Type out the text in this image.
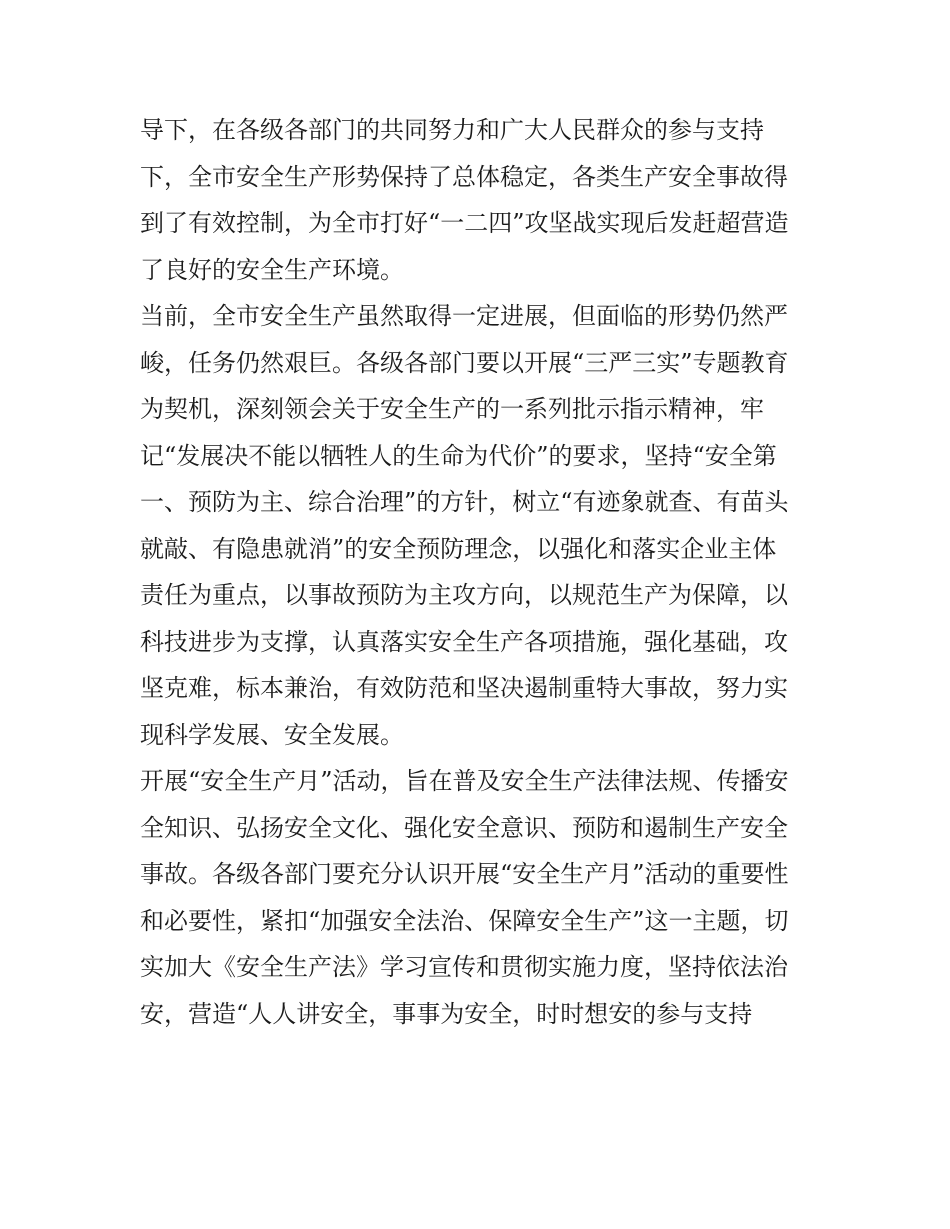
导下，在各级各部门的共同努力和广大人民群众的参与支持
下，全市安全生产形势保持了总体稳定，各类生产安全事故得
到了有效控制，为全市打好“一二四”攻坚战实现后发赶超营造
了良好的安全生产环境。
当前，全市安全生产虽然取得一定进展，但面临的形势仍然严
峻，任务仍然艰巨。各级各部门要以开展“三严三实”专题教育
为契机，深刻领会关于安全生产的一系列批示指示精神，牢
记“发展决不能以牺牲人的生命为代价”的要求，坚持“安全第
一、预防为主、综合治理”的方针，树立“有迹象就查、有苗头
就敲、有隐患就消”的安全预防理念，以强化和落实企业主体
责任为重点，以事故预防为主攻方向，以规范生产为保障，以
科技进步为支撑，认真落实安全生产各项措施，强化基础，攻
坚克难，标本兼治，有效防范和坚决遏制重特大事故，努力实
现科学发展、安全发展。
开展“安全生产月”活动，旨在普及安全生产法律法规、传播安
全知识、弘扬安全文化、强化安全意识、预防和遏制生产安全
事故。各级各部门要充分认识开展“安全生产月”活动的重要性
和必要性，紧扣“加强安全法治、保障安全生产”这一主题，切
实加大《安全生产法》学习宣传和贯彻实施力度，坚持依法治
安，营造“人人讲安全，事事为安全，时时想安的参与支持
